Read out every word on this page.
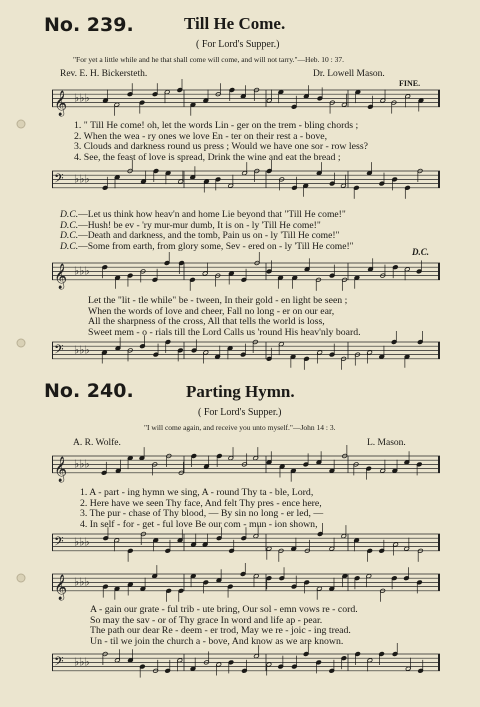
No. 239.	Till He Come.
( For Lord's Supper.)
"For yet a little while and he that shall come will come, and will not tarry."—Heb. 10 : 37.
Rev. E. H. Bickersteth.	Dr. Lowell Mason.
FINE.
𝄞 ♭♭♭
1. " Till He come! oh, let the words Lin - ger on the trem - bling chords ;
2. When the wea - ry ones we love En - ter on their rest a - bove,
3. Clouds and darkness round us press ; Would we have one sor - row less?
4. See, the feast of love is spread, Drink the wine and eat the bread ;
𝄢 ♭♭♭
D.C.—Let us think how heav'n and home Lie beyond that "Till He come!"
D.C.—Hush! be ev - 'ry mur-mur dumb, It is on - ly 'Till He come!"
D.C.—Death and darkness, and the tomb, Pain us on - ly 'Till He come!"
D.C.—Some from earth, from glory some, Sev - ered on - ly 'Till He come!"	D.C.
𝄞 ♭♭♭
Let the "lit - tle while" be - tween, In their gold - en light be seen ;
When the words of love and cheer, Fall no long - er on our ear,
All the sharpness of the cross, All that tells the world is loss,
Sweet mem - o - rials till the Lord Calls us 'round His heav'nly board.
𝄢 ♭♭♭
No. 240.	Parting Hymn.
( For Lord's Supper.)
"I will come again, and receive you unto myself."—John 14 : 3.
A. R. Wolfe.	L. Mason.
𝄞 ♭♭♭
1. A - part - ing hymn we sing, A - round Thy ta - ble, Lord,
2. Here have we seen Thy face, And felt Thy pres - ence here,
3. The pur - chase of Thy blood, — By sin no long - er led, —
4. In self - for - get - ful love Be our com - mun - ion shown,
𝄢 ♭♭♭
𝄞 ♭♭♭
A - gain our grate - ful trib - ute bring, Our sol - emn vows re - cord.
So may the sav - or of Thy grace In word and life ap - pear.
The path our dear Re - deem - er trod, May we re - joic - ing tread.
Un - til we join the church a - bove, And know as we are known.
𝄢 ♭♭♭
